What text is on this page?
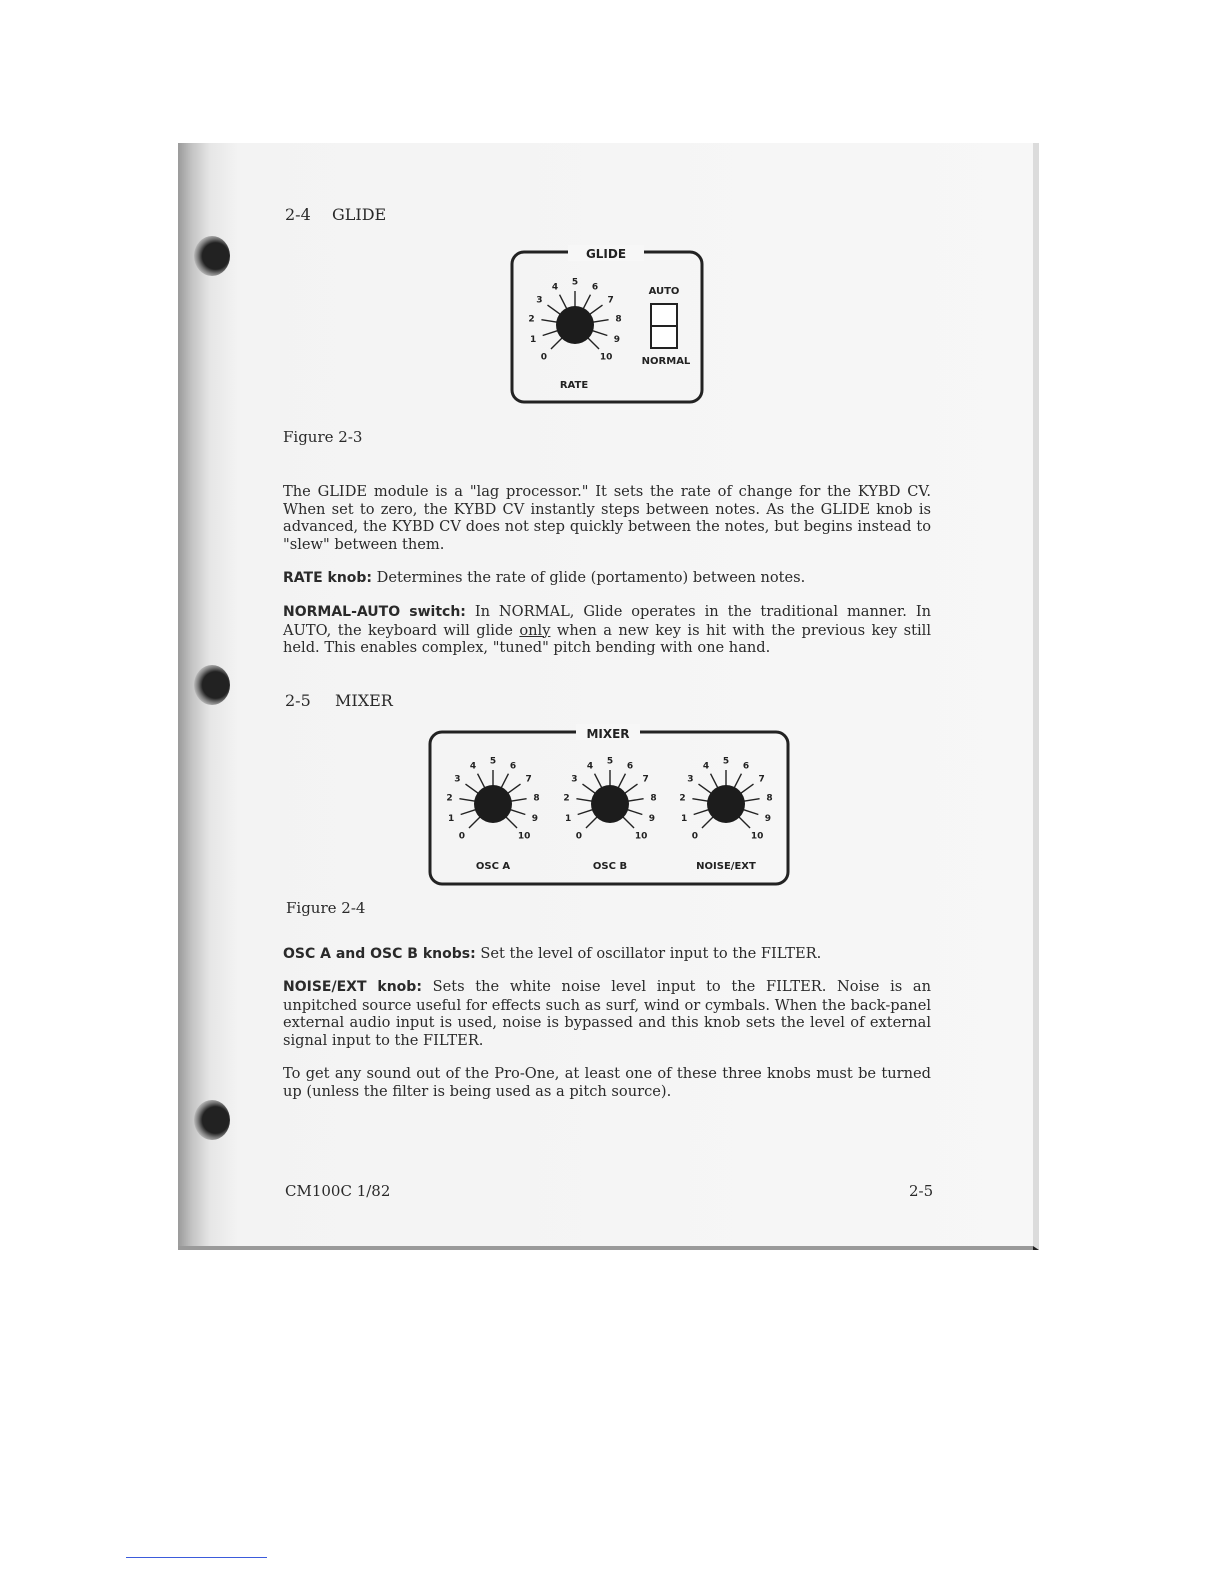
2-4 GLIDE
GLIDE
0
1
2
3
4 5 6
7
8
9
10
RATE
AUTO
NORMAL
Figure 2-3
The GLIDE module is a "lag processor." It sets the rate of change for the KYBD CV. When set to zero, the KYBD CV instantly steps between notes. As the GLIDE knob is advanced, the KYBD CV does not step quickly between the notes, but begins instead to "slew" between them.
RATE knob: Determines the rate of glide (portamento) between notes.
NORMAL-AUTO switch: In NORMAL, Glide operates in the traditional manner. In AUTO, the keyboard will glide only when a new key is hit with the previous key still held. This enables complex, "tuned" pitch bending with one hand.
2-5 MIXER
MIXER
0
1
2
3
4 5 6
7
8
9
10	0
1
2
3
4 5 6
7
8
9
10	0
1
2
3
4 5 6
7
8
9
10
OSC A	OSC B	NOISE/EXT
Figure 2-4
OSC A and OSC B knobs: Set the level of oscillator input to the FILTER.
NOISE/EXT knob: Sets the white noise level input to the FILTER. Noise is an unpitched source useful for effects such as surf, wind or cymbals. When the back-panel external audio input is used, noise is bypassed and this knob sets the level of external signal input to the FILTER.
To get any sound out of the Pro-One, at least one of these three knobs must be turned up (unless the filter is being used as a pitch source).
CM100C 1/82	2-5
